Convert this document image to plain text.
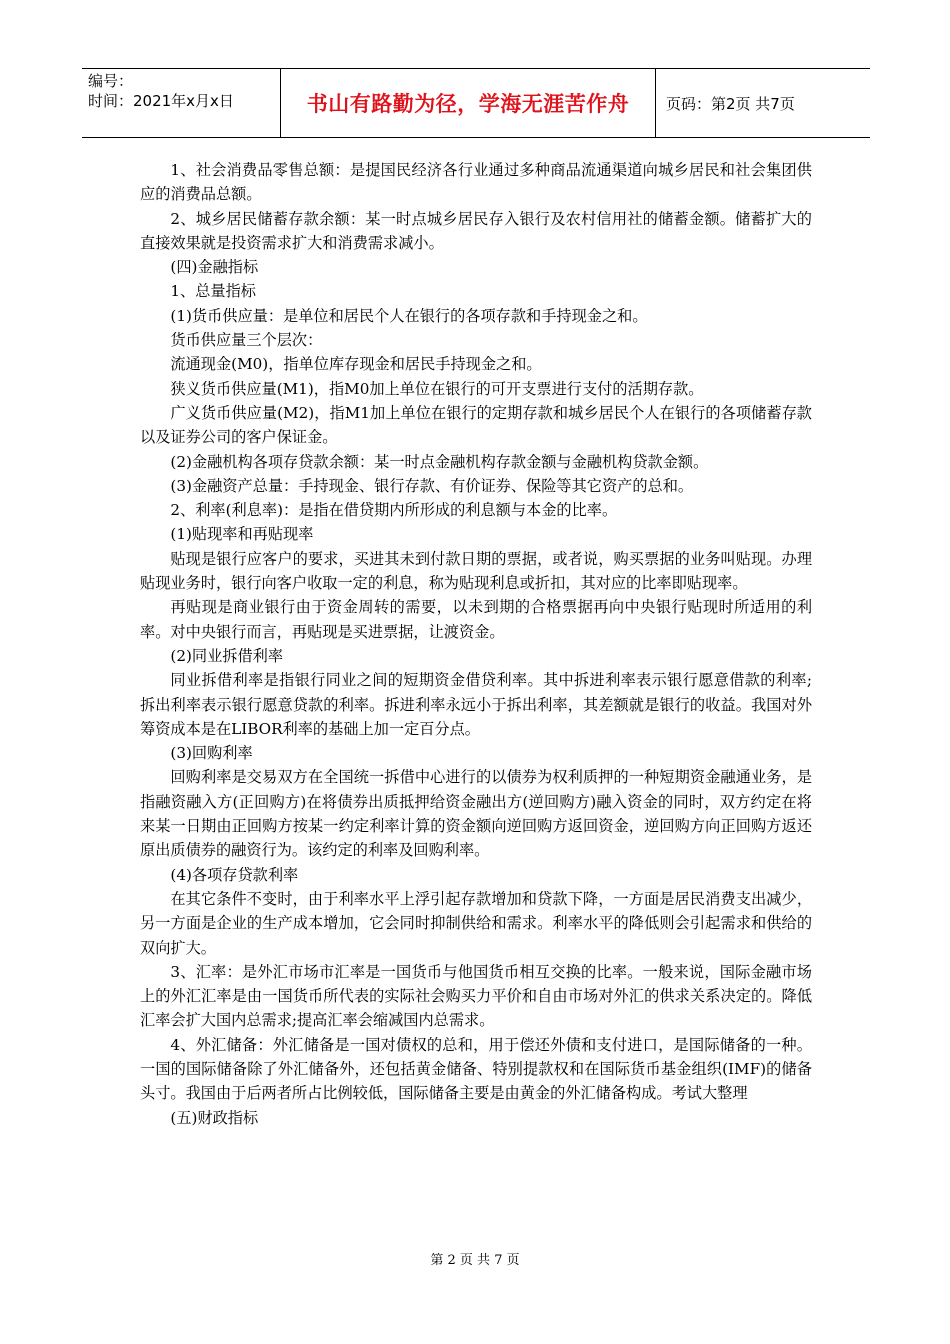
编号：
时间：2021年x月x日	书山有路勤为径，学海无涯苦作舟	页码：第2页 共7页

1、社会消费品零售总额：是提国民经济各行业通过多种商品流通渠道向城乡居民和社会集团供应的消费品总额。

2、城乡居民储蓄存款余额：某一时点城乡居民存入银行及农村信用社的储蓄金额。储蓄扩大的直接效果就是投资需求扩大和消费需求减小。

(四)金融指标

1、总量指标

(1)货币供应量：是单位和居民个人在银行的各项存款和手持现金之和。

货币供应量三个层次：

流通现金(M0)，指单位库存现金和居民手持现金之和。

狭义货币供应量(M1)，指M0加上单位在银行的可开支票进行支付的活期存款。

广义货币供应量(M2)，指M1加上单位在银行的定期存款和城乡居民个人在银行的各项储蓄存款以及证券公司的客户保证金。

(2)金融机构各项存贷款余额：某一时点金融机构存款金额与金融机构贷款金额。

(3)金融资产总量：手持现金、银行存款、有价证券、保险等其它资产的总和。

2、利率(利息率)：是指在借贷期内所形成的利息额与本金的比率。

(1)贴现率和再贴现率

贴现是银行应客户的要求，买进其未到付款日期的票据，或者说，购买票据的业务叫贴现。办理贴现业务时，银行向客户收取一定的利息，称为贴现利息或折扣，其对应的比率即贴现率。

再贴现是商业银行由于资金周转的需要，以未到期的合格票据再向中央银行贴现时所适用的利率。对中央银行而言，再贴现是买进票据，让渡资金。

(2)同业拆借利率

同业拆借利率是指银行同业之间的短期资金借贷利率。其中拆进利率表示银行愿意借款的利率;拆出利率表示银行愿意贷款的利率。拆进利率永远小于拆出利率，其差额就是银行的收益。我国对外筹资成本是在LIBOR利率的基础上加一定百分点。

(3)回购利率

回购利率是交易双方在全国统一拆借中心进行的以债券为权利质押的一种短期资金融通业务，是指融资融入方(正回购方)在将债券出质抵押给资金融出方(逆回购方)融入资金的同时，双方约定在将来某一日期由正回购方按某一约定利率计算的资金额向逆回购方返回资金，逆回购方向正回购方返还原出质债券的融资行为。该约定的利率及回购利率。

(4)各项存贷款利率

在其它条件不变时，由于利率水平上浮引起存款增加和贷款下降，一方面是居民消费支出减少，另一方面是企业的生产成本增加，它会同时抑制供给和需求。利率水平的降低则会引起需求和供给的双向扩大。

3、汇率：是外汇市场市汇率是一国货币与他国货币相互交换的比率。一般来说，国际金融市场上的外汇汇率是由一国货币所代表的实际社会购买力平价和自由市场对外汇的供求关系决定的。降低汇率会扩大国内总需求;提高汇率会缩减国内总需求。

4、外汇储备：外汇储备是一国对债权的总和，用于偿还外债和支付进口，是国际储备的一种。一国的国际储备除了外汇储备外，还包括黄金储备、特别提款权和在国际货币基金组织(IMF)的储备头寸。我国由于后两者所占比例较低，国际储备主要是由黄金的外汇储备构成。考试大整理

(五)财政指标

第 2 页 共 7 页
